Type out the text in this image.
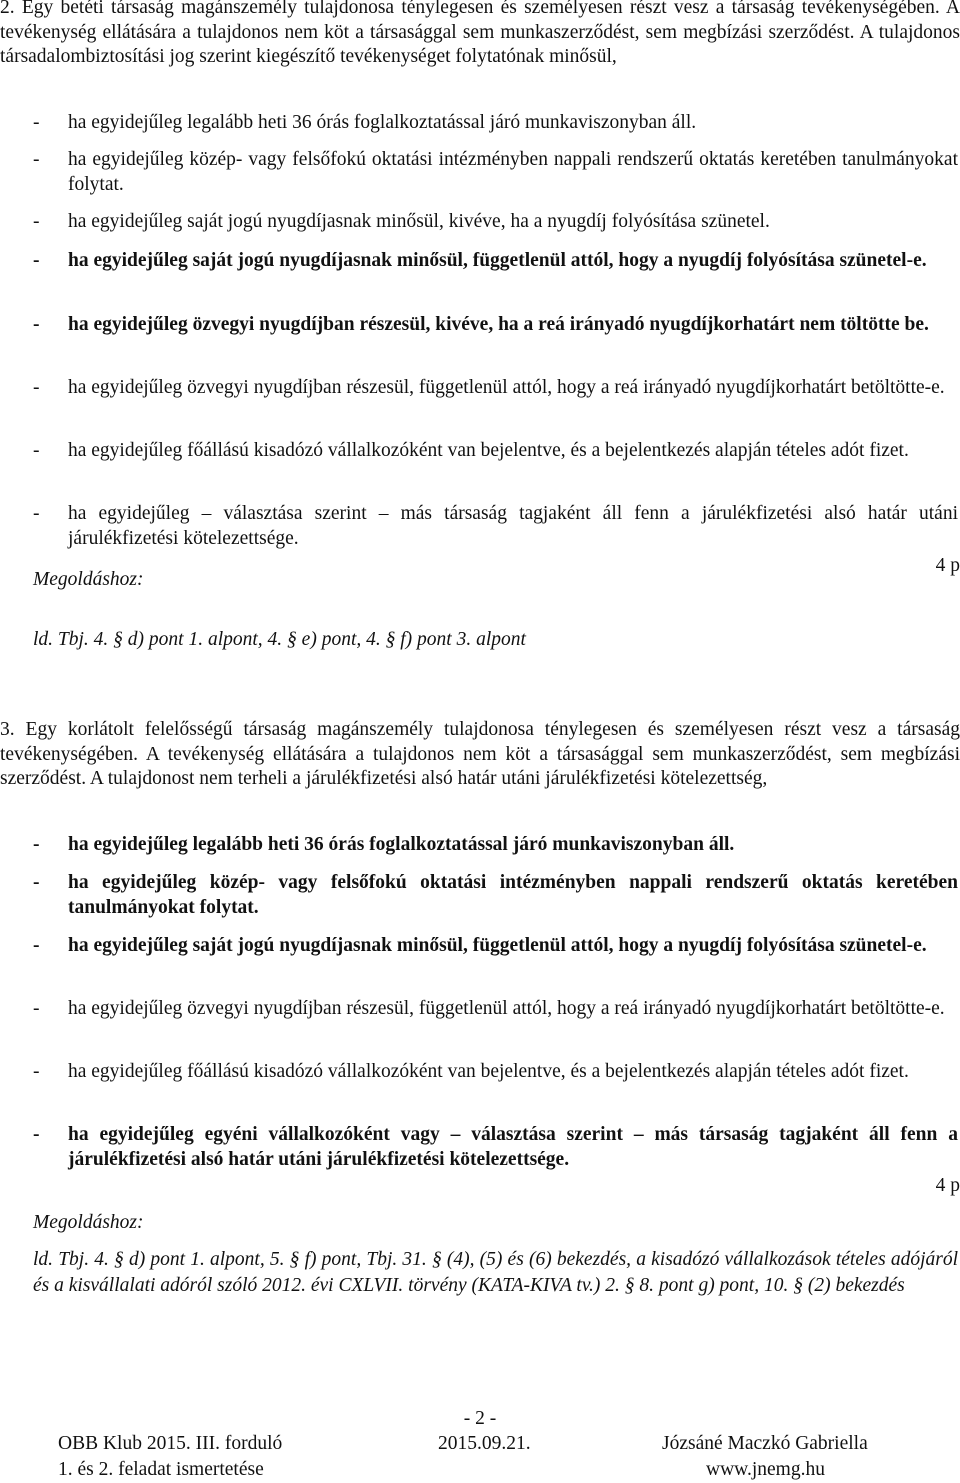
2. Egy betéti társaság magánszemély tulajdonosa ténylegesen és személyesen részt vesz a társaság tevékenységében. A tevékenység ellátására a tulajdonos nem köt a társasággal sem munkaszerződést, sem megbízási szerződést. A tulajdonos társadalombiztosítási jog szerint kiegészítő tevékenységet folytatónak minősül,
- ha egyidejűleg legalább heti 36 órás foglalkoztatással járó munkaviszonyban áll.
- ha egyidejűleg közép- vagy felsőfokú oktatási intézményben nappali rendszerű oktatás keretében tanulmányokat folytat.
- ha egyidejűleg saját jogú nyugdíjasnak minősül, kivéve, ha a nyugdíj folyósítása szünetel.
- ha egyidejűleg saját jogú nyugdíjasnak minősül, függetlenül attól, hogy a nyugdíj folyósítása szünetel-e.
- ha egyidejűleg özvegyi nyugdíjban részesül, kivéve, ha a reá irányadó nyugdíjkorhatárt nem töltötte be.
- ha egyidejűleg özvegyi nyugdíjban részesül, függetlenül attól, hogy a reá irányadó nyugdíjkorhatárt betöltötte-e.
- ha egyidejűleg főállású kisadózó vállalkozóként van bejelentve, és a bejelentkezés alapján tételes adót fizet.
- ha egyidejűleg – választása szerint – más társaság tagjaként áll fenn a járulékfizetési alsó határ utáni járulékfizetési kötelezettsége.
4 p
Megoldáshoz:
ld. Tbj. 4. § d) pont 1. alpont, 4. § e) pont, 4. § f) pont 3. alpont
3. Egy korlátolt felelősségű társaság magánszemély tulajdonosa ténylegesen és személyesen részt vesz a társaság tevékenységében. A tevékenység ellátására a tulajdonos nem köt a társasággal sem munkaszerződést, sem megbízási szerződést. A tulajdonost nem terheli a járulékfizetési alsó határ utáni járulékfizetési kötelezettség,
- ha egyidejűleg legalább heti 36 órás foglalkoztatással járó munkaviszonyban áll.
- ha egyidejűleg közép- vagy felsőfokú oktatási intézményben nappali rendszerű oktatás keretében tanulmányokat folytat.
- ha egyidejűleg saját jogú nyugdíjasnak minősül, függetlenül attól, hogy a nyugdíj folyósítása szünetel-e.
- ha egyidejűleg özvegyi nyugdíjban részesül, függetlenül attól, hogy a reá irányadó nyugdíjkorhatárt betöltötte-e.
- ha egyidejűleg főállású kisadózó vállalkozóként van bejelentve, és a bejelentkezés alapján tételes adót fizet.
- ha egyidejűleg egyéni vállalkozóként vagy – választása szerint – más társaság tagjaként áll fenn a járulékfizetési alsó határ utáni járulékfizetési kötelezettsége.
4 p
Megoldáshoz:
ld. Tbj. 4. § d) pont 1. alpont, 5. § f) pont, Tbj. 31. § (4), (5) és (6) bekezdés, a kisadózó vállalkozások tételes adójáról és a kisvállalati adóról szóló 2012. évi CXLVII. törvény (KATA-KIVA tv.) 2. § 8. pont g) pont, 10. § (2) bekezdés
- 2 -
OBB Klub 2015. III. forduló
1. és 2. feladat ismertetése
2015.09.21.	Józsáné Maczkó Gabriella
www.jnemg.hu
